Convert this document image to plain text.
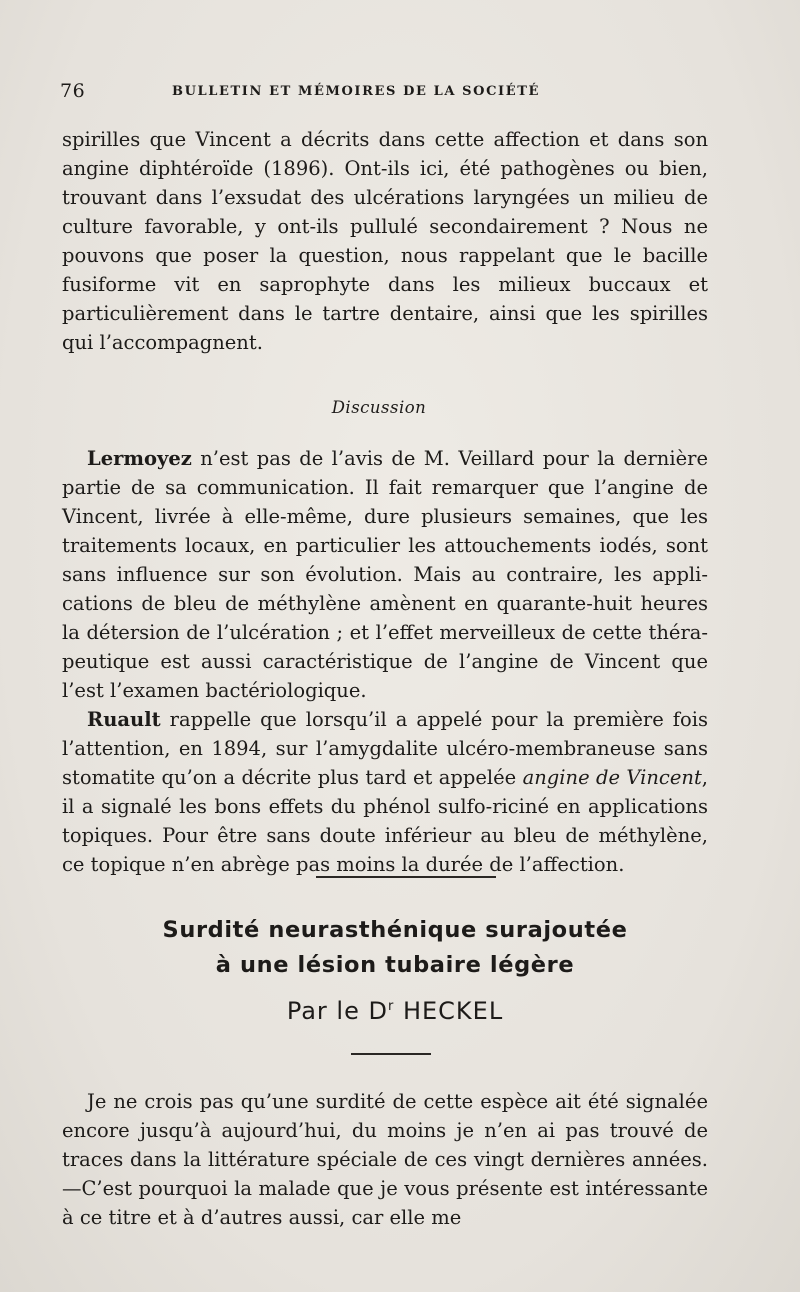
76	BULLETIN ET MÉMOIRES DE LA SOCIÉTÉ

spirilles que Vincent a décrits dans cette affection et dans son angine diphtéroïde (1896). Ont-ils ici, été pathogènes ou bien, trouvant dans l’exsudat des ulcérations laryngées un milieu de culture favorable, y ont-ils pullulé secondairement ? Nous ne pouvons que poser la question, nous rappelant que le bacille fusiforme vit en saprophyte dans les milieux buccaux et particulièrement dans le tartre dentaire, ainsi que les spirilles qui l’accompagnent.

Discussion

Lermoyez n’est pas de l’avis de M. Veillard pour la dernière partie de sa communication. Il fait remarquer que l’angine de Vincent, livrée à elle-même, dure plusieurs semaines, que les traitements locaux, en particulier les attouchements iodés, sont sans influence sur son évolution. Mais au contraire, les applications de bleu de méthylène amènent en quarante-huit heures la détersion de l’ulcération ; et l’effet merveilleux de cette thérapeutique est aussi caractéristique de l’angine de Vincent que l’est l’examen bactériologique.

Ruault rappelle que lorsqu’il a appelé pour la première fois l’attention, en 1894, sur l’amygdalite ulcéro-membraneuse sans stomatite qu’on a décrite plus tard et appelée angine de Vincent, il a signalé les bons effets du phénol sulfo-riciné en applications topiques. Pour être sans doute inférieur au bleu de méthylène, ce topique n’en abrège pas moins la durée de l’affection.

Surdité neurasthénique surajoutée
à une lésion tubaire légère
Par le $D^r$ HECKEL

Je ne crois pas qu’une surdité de cette espèce ait été signalée encore jusqu’à aujourd’hui, du moins je n’en ai pas trouvé de traces dans la littérature spéciale de ces vingt dernières années.—C’est pourquoi la malade que je vous présente est intéressante à ce titre et à d’autres aussi, car elle me
